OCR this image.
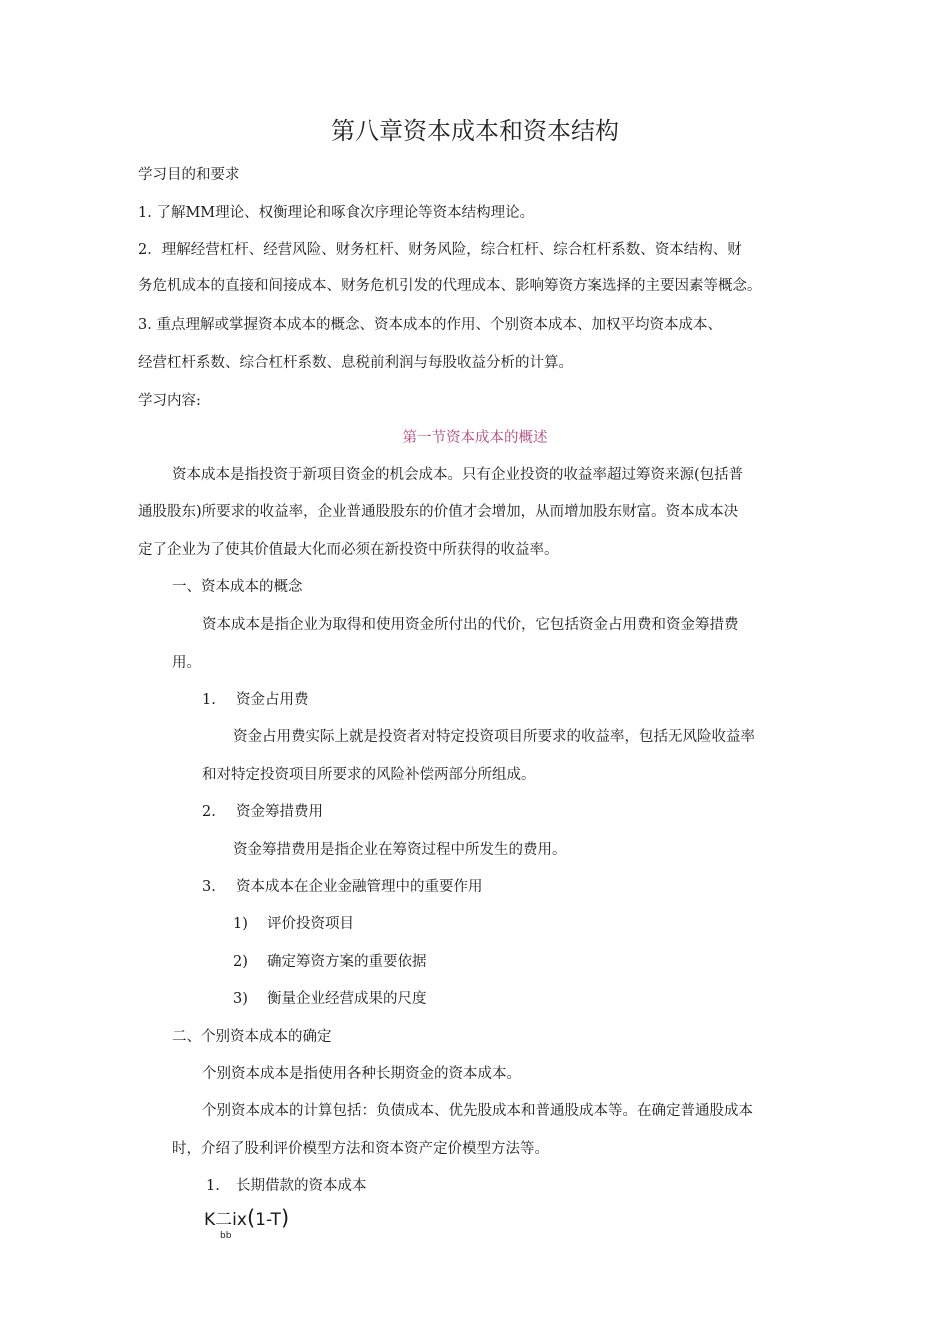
第八章资本成本和资本结构
学习目的和要求
1. 了解MM理论、权衡理论和啄食次序理论等资本结构理论。
2．理解经营杠杆、经营风险、财务杠杆、财务风险，综合杠杆、综合杠杆系数、资本结构、财
务危机成本的直接和间接成本、财务危机引发的代理成本、影响筹资方案选择的主要因素等概念。
3. 重点理解或掌握资本成本的概念、资本成本的作用、个别资本成本、加权平均资本成本、
经营杠杆系数、综合杠杆系数、息税前利润与每股收益分析的计算。
学习内容:
第一节资本成本的概述
资本成本是指投资于新项目资金的机会成本。只有企业投资的收益率超过筹资来源(包括普
通股股东)所要求的收益率，企业普通股股东的价值才会增加，从而增加股东财富。资本成本决
定了企业为了使其价值最大化而必须在新投资中所获得的收益率。
一、资本成本的概念
资本成本是指企业为取得和使用资金所付出的代价，它包括资金占用费和资金筹措费
用。
1. 资金占用费
资金占用费实际上就是投资者对特定投资项目所要求的收益率，包括无风险收益率
和对特定投资项目所要求的风险补偿两部分所组成。
2. 资金筹措费用
资金筹措费用是指企业在筹资过程中所发生的费用。
3. 资本成本在企业金融管理中的重要作用
1) 评价投资项目
2) 确定筹资方案的重要依据
3) 衡量企业经营成果的尺度
二、个别资本成本的确定
个别资本成本是指使用各种长期资金的资本成本。
个别资本成本的计算包括：负债成本、优先股成本和普通股成本等。在确定普通股成本
时，介绍了股利评价模型方法和资本资产定价模型方法等。
1. 长期借款的资本成本
K二ix(1-T)
bb
